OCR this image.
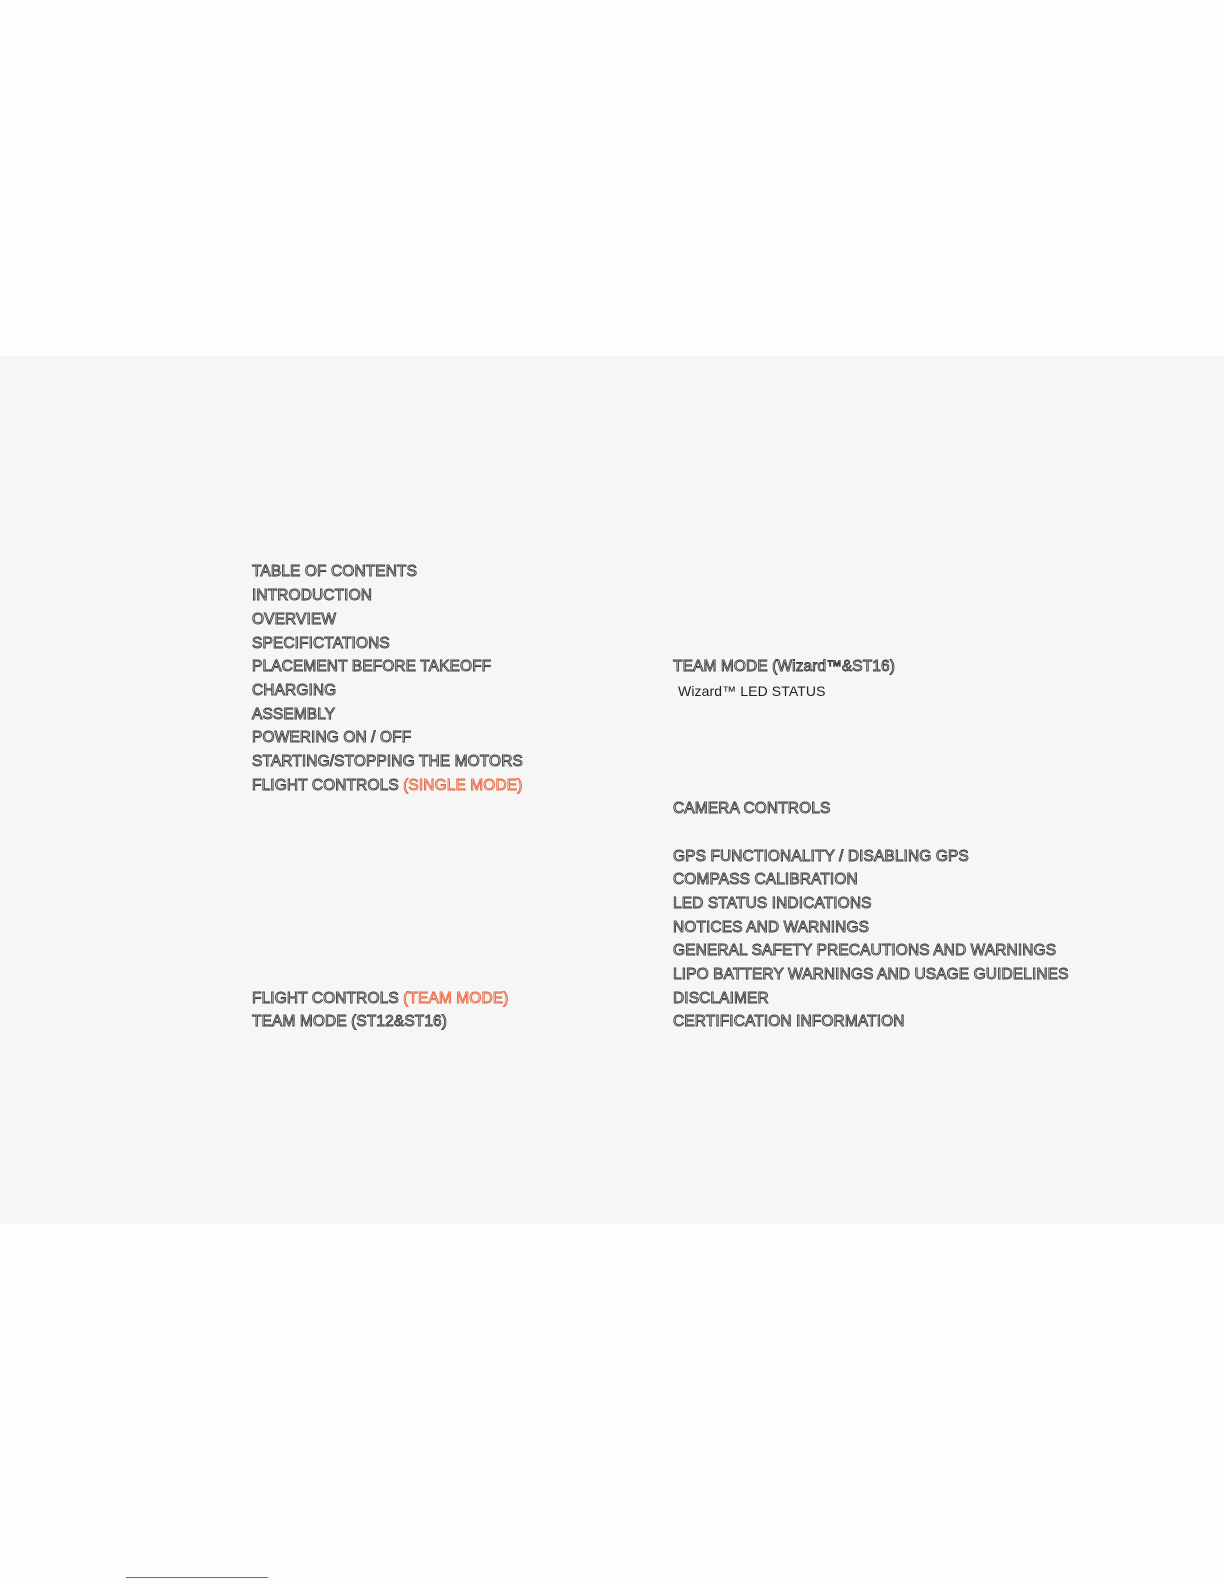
TABLE OF CONTENTS
INTRODUCTION
OVERVIEW
SPECIFICTATIONS
PLACEMENT BEFORE TAKEOFF
CHARGING
ASSEMBLY
POWERING ON / OFF
STARTING/STOPPING THE MOTORS
FLIGHT CONTROLS (SINGLE MODE)
FLIGHT CONTROLS (TEAM MODE)
TEAM MODE (ST12&ST16)
TEAM MODE (Wizard™&ST16)
Wizard™ LED STATUS
CAMERA CONTROLS
GPS FUNCTIONALITY / DISABLING GPS
COMPASS CALIBRATION
LED STATUS INDICATIONS
NOTICES AND WARNINGS
GENERAL SAFETY PRECAUTIONS AND WARNINGS
LIPO BATTERY WARNINGS AND USAGE GUIDELINES
DISCLAIMER
CERTIFICATION INFORMATION
